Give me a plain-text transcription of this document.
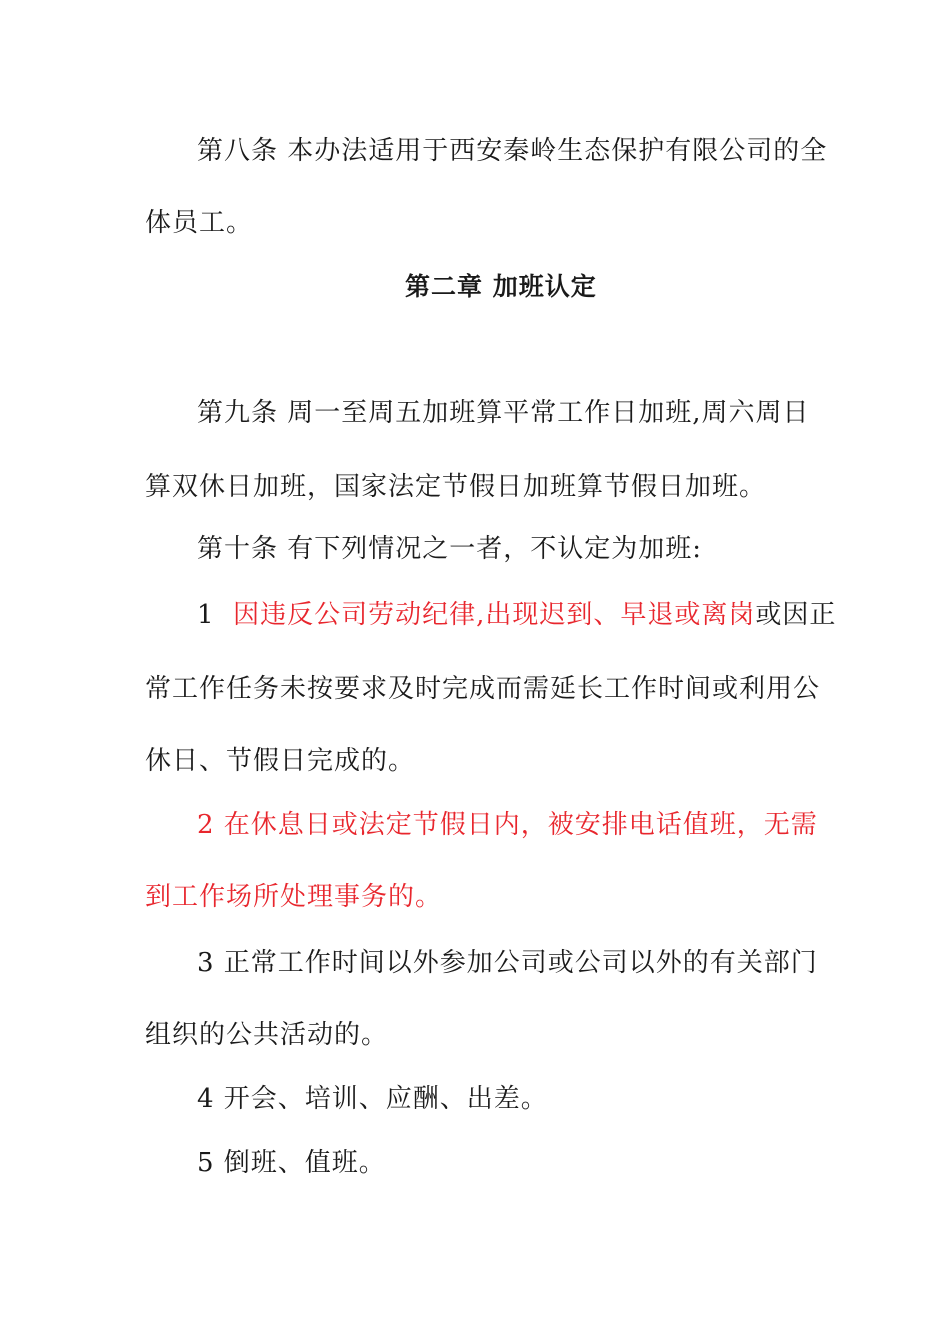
第八条 本办法适用于西安秦岭生态保护有限公司的全
体员工。
第二章 加班认定
第九条 周一至周五加班算平常工作日加班,周六周日
算双休日加班，国家法定节假日加班算节假日加班。
第十条 有下列情况之一者，不认定为加班:
1 因违反公司劳动纪律,出现迟到、早退或离岗或因正
常工作任务未按要求及时完成而需延长工作时间或利用公
休日、节假日完成的。
2 在休息日或法定节假日内，被安排电话值班，无需
到工作场所处理事务的。
3 正常工作时间以外参加公司或公司以外的有关部门
组织的公共活动的。
4 开会、培训、应酬、出差。
5 倒班、值班。
